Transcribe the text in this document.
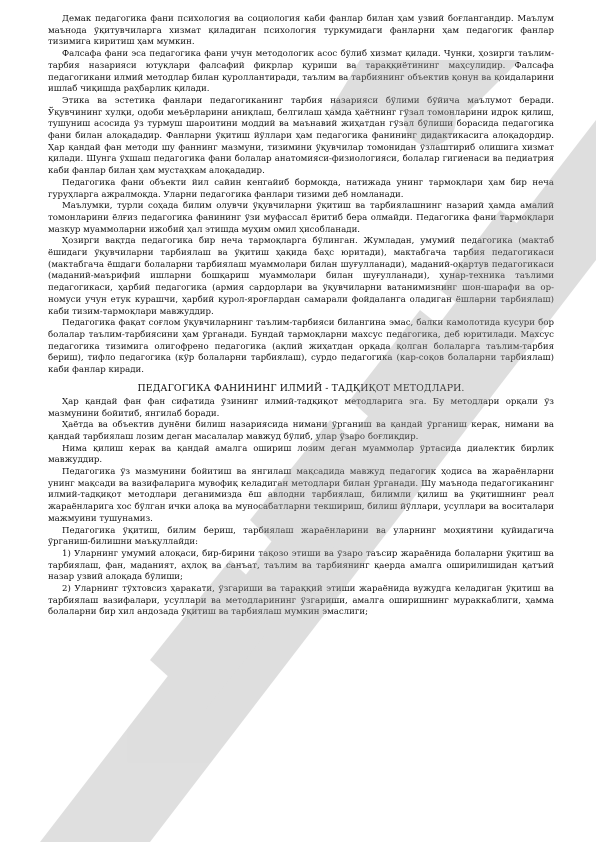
Демак педагогика фани психология ва социология каби фанлар билан ҳам узвий боғлангандир. Маълум маънода ўқитувчиларга хизмат қиладиган психология туркумидаги фанларни ҳам педагогик фанлар тизимига киритиш ҳам мумкин.

Фалсафа фани эса педагогика фани учун методологик асос бўлиб хизмат қилади. Чунки, ҳозирги таълим-тарбия назарияси ютуқлари фалсафий фикрлар қуриши ва тараққиётининг маҳсулидир. Фалсафа педагогикани илмий методлар билан қуроллантиради, таълим ва тарбиянинг объектив қонун ва қоидаларини ишлаб чиқишда раҳбарлик қилади.

Этика ва эстетика фанлари педагогиканинг тарбия назарияси бўлими бўйича маълумот беради. Ўқувчининг хулқи, одоби меъёрларини аниқлаш, белгилаш ҳамда ҳаётнинг гўзал томонларини идрок қилиш, тушуниш асосида ўз турмуш шароитини моддий ва маънавий жиҳатдан гўзал бўлиши борасида педагогика фани билан алоқададир. Фанларни ўқитиш йўллари ҳам педагогика фанининг дидактикасига алоқадордир. Ҳар қандай фан методи шу фаннинг мазмуни, тизимини ўқувчилар томонидан ўзлаштириб олишига хизмат қилади. Шунга ўхшаш педагогика фани болалар анатомияси-физиологияси, болалар гигиенаси ва педиатрия каби фанлар билан ҳам мустаҳкам алоқададир.

Педагогика фани объекти йил сайин кенгайиб бормоқда, натижада унинг тармоқлари ҳам бир неча гуруҳларга ажралмоқда. Уларни педагогика фанлари тизими деб номланади.

Маълумки, турли соҳада билим олувчи ўқувчиларни ўқитиш ва тарбиялашнинг назарий ҳамда амалий томонларини ёлғиз педагогика фанининг ўзи муфассал ёритиб бера олмайди. Педагогика фани тармоқлари мазкур муаммоларни ижобий ҳал этишда муҳим омил ҳисобланади.

Ҳозирги вақтда педагогика бир неча тармоқларга бўлинган. Жумладан, умумий педагогика (мактаб ёшидаги ўқувчиларни тарбиялаш ва ўқитиш ҳақида баҳс юритади), мактабгача тарбия педагогикаси (мактабгача ёшдаги болаларни тарбиялаш муаммолари билан шуғулланади), маданий-оқартув педагогикаси (маданий-маърифий ишларни бошқариш муаммолари билан шуғулланади), ҳунар-техника таълими педагогикаси, ҳарбий педагогика (армия сардорлари ва ўқувчиларни ватанимизнинг шон-шарафи ва ор-номуси учун етук курашчи, ҳарбий қурол-яроғлардан самарали фойдаланга оладиган ёшларни тарбиялаш) каби тизим-тармоқлари мавжуддир.

Педагогика фақат соғлом ўқувчиларнинг таълим-тарбияси билангина эмас, балки камолотида кусури бор болалар таълим-тарбиясини ҳам ўрганади. Бундай тармоқларни махсус педагогика, деб юритилади. Махсус педагогика тизимига олигофрено педагогика (ақлий жиҳатдан орқада қолган болаларга таълим-тарбия бериш), тифло педагогика (кўр болаларни тарбиялаш), сурдо педагогика (кар-соқов болаларни тарбиялаш) каби фанлар киради.

ПЕДАГОГИКА ФАНИНИНГ ИЛМИЙ - ТАДҚИҚОТ МЕТОДЛАРИ.

Ҳар қандай фан фан сифатида ўзининг илмий-тадқиқот методларига эга. Бу методлари орқали ўз мазмунини бойитиб, янгилаб боради.

Ҳаётда ва объектив дунёни билиш назариясида нимани ўрганиш ва қандай ўрганиш керак, нимани ва қандай тарбиялаш лозим деган масалалар мавжуд бўлиб, улар ўзаро боғлиқдир.

Нима қилиш керак ва қандай амалга ошириш лозим деган муаммолар ўртасида диалектик бирлик мавжуддир.

Педагогика ўз мазмунини бойитиш ва янгилаш мақсадида мавжуд педагогик ҳодиса ва жараёнларни унинг мақсади ва вазифаларига мувофиқ келадиган методлари билан ўрганади. Шу маънода педагогиканинг илмий-тадқиқот методлари деганимизда ёш авлодни тарбиялаш, билимли қилиш ва ўқитишнинг реал жараёнларига хос бўлган ички алоқа ва муносабатларни текшириш, билиш йўллари, усуллари ва воситалари мажмуини тушунамиз.

Педагогика ўқитиш, билим бериш, тарбиялаш жараёнларини ва уларнинг моҳиятини қуйидагича ўрганиш-билишни маъқуллайди:

1) Уларнинг умумий алоқаси, бир-бирини тақозо этиши ва ўзаро таъсир жараёнида болаларни ўқитиш ва тарбиялаш, фан, маданият, аҳлоқ ва санъат, таълим ва тарбиянинг қаерда амалга оширилишидан қатъий назар узвий алоқада бўлиши;

2) Уларнинг тўхтовсиз ҳаракати, ўзгариши ва тараққий этиши жараёнида вужудга келадиган ўқитиш ва тарбиялаш вазифалари, усуллари ва методларининг ўзгариши, амалга оширишнинг мураккаблиги, ҳамма болаларни бир хил андозада ўқитиш ва тарбиялаш мумкин эмаслиги;
